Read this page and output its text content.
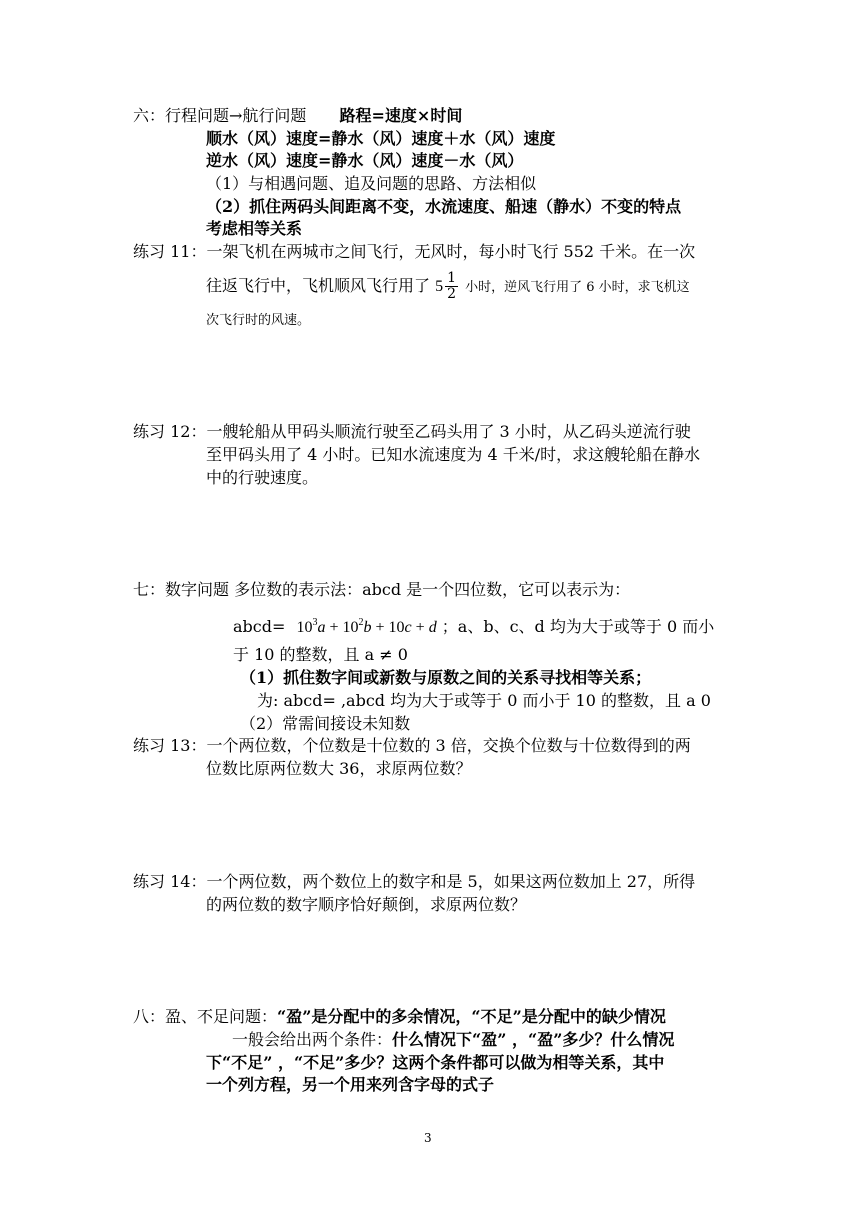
六：行程问题→航行问题 路程=速度×时间
顺水（风）速度=静水（风）速度＋水（风）速度
逆水（风）速度=静水（风）速度－水（风）
（1）与相遇问题、追及问题的思路、方法相似
（2）抓住两码头间距离不变，水流速度、船速（静水）不变的特点
考虑相等关系
练习 11：一架飞机在两城市之间飞行，无风时，每小时飞行 552 千米。在一次
往返飞行中，飞机顺风飞行用了 $5 \frac{1}{2}$ 小时，逆风飞行用了 6 小时，求飞机这
次飞行时的风速。
练习 12：一艘轮船从甲码头顺流行驶至乙码头用了 3 小时，从乙码头逆流行驶
至甲码头用了 4 小时。已知水流速度为 4 千米/时，求这艘轮船在静水
中的行驶速度。
七：数字问题 多位数的表示法：abcd 是一个四位数，它可以表示为：
abcd= $10^3a + 10^2b + 10c + d$ ；a、b、c、d 均为大于或等于 0 而小
于 10 的整数，且 a ≠ 0
（1）抓住数字间或新数与原数之间的关系寻找相等关系；
为: abcd= ,abcd 均为大于或等于 0 而小于 10 的整数，且 a 0
（2）常需间接设未知数
练习 13：一个两位数，个位数是十位数的 3 倍，交换个位数与十位数得到的两
位数比原两位数大 36，求原两位数？
练习 14：一个两位数，两个数位上的数字和是 5，如果这两位数加上 27，所得
的两位数的数字顺序恰好颠倒，求原两位数？
八：盈、不足问题：“盈”是分配中的多余情况，“不足”是分配中的缺少情况
一般会给出两个条件：什么情况下“盈” ，“盈”多少？什么情况
下“不足” ，“不足”多少？这两个条件都可以做为相等关系，其中
一个列方程，另一个用来列含字母的式子
3
